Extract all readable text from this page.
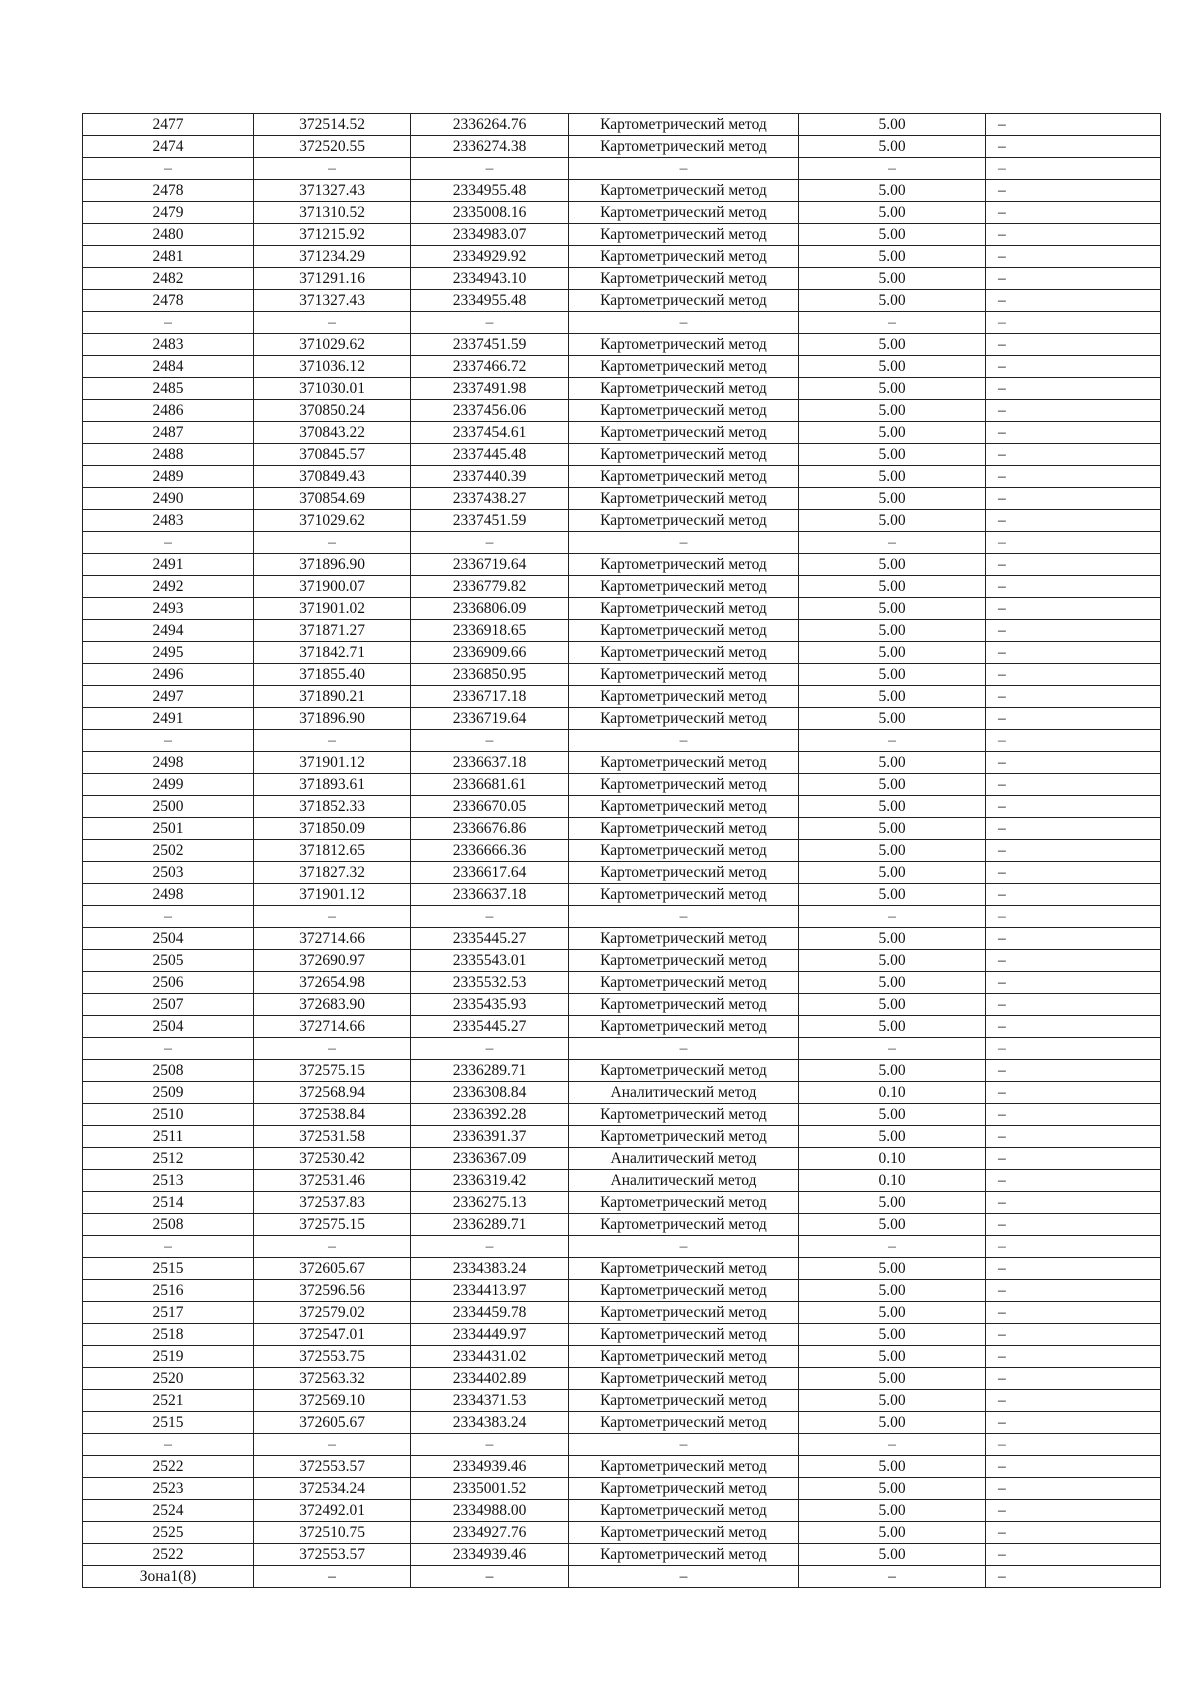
2477	372514.52	2336264.76	Картометрический метод	5.00	–
2474	372520.55	2336274.38	Картометрический метод	5.00	–
–	–	–	–	–	–
2478	371327.43	2334955.48	Картометрический метод	5.00	–
2479	371310.52	2335008.16	Картометрический метод	5.00	–
2480	371215.92	2334983.07	Картометрический метод	5.00	–
2481	371234.29	2334929.92	Картометрический метод	5.00	–
2482	371291.16	2334943.10	Картометрический метод	5.00	–
2478	371327.43	2334955.48	Картометрический метод	5.00	–
–	–	–	–	–	–
2483	371029.62	2337451.59	Картометрический метод	5.00	–
2484	371036.12	2337466.72	Картометрический метод	5.00	–
2485	371030.01	2337491.98	Картометрический метод	5.00	–
2486	370850.24	2337456.06	Картометрический метод	5.00	–
2487	370843.22	2337454.61	Картометрический метод	5.00	–
2488	370845.57	2337445.48	Картометрический метод	5.00	–
2489	370849.43	2337440.39	Картометрический метод	5.00	–
2490	370854.69	2337438.27	Картометрический метод	5.00	–
2483	371029.62	2337451.59	Картометрический метод	5.00	–
–	–	–	–	–	–
2491	371896.90	2336719.64	Картометрический метод	5.00	–
2492	371900.07	2336779.82	Картометрический метод	5.00	–
2493	371901.02	2336806.09	Картометрический метод	5.00	–
2494	371871.27	2336918.65	Картометрический метод	5.00	–
2495	371842.71	2336909.66	Картометрический метод	5.00	–
2496	371855.40	2336850.95	Картометрический метод	5.00	–
2497	371890.21	2336717.18	Картометрический метод	5.00	–
2491	371896.90	2336719.64	Картометрический метод	5.00	–
–	–	–	–	–	–
2498	371901.12	2336637.18	Картометрический метод	5.00	–
2499	371893.61	2336681.61	Картометрический метод	5.00	–
2500	371852.33	2336670.05	Картометрический метод	5.00	–
2501	371850.09	2336676.86	Картометрический метод	5.00	–
2502	371812.65	2336666.36	Картометрический метод	5.00	–
2503	371827.32	2336617.64	Картометрический метод	5.00	–
2498	371901.12	2336637.18	Картометрический метод	5.00	–
–	–	–	–	–	–
2504	372714.66	2335445.27	Картометрический метод	5.00	–
2505	372690.97	2335543.01	Картометрический метод	5.00	–
2506	372654.98	2335532.53	Картометрический метод	5.00	–
2507	372683.90	2335435.93	Картометрический метод	5.00	–
2504	372714.66	2335445.27	Картометрический метод	5.00	–
–	–	–	–	–	–
2508	372575.15	2336289.71	Картометрический метод	5.00	–
2509	372568.94	2336308.84	Аналитический метод	0.10	–
2510	372538.84	2336392.28	Картометрический метод	5.00	–
2511	372531.58	2336391.37	Картометрический метод	5.00	–
2512	372530.42	2336367.09	Аналитический метод	0.10	–
2513	372531.46	2336319.42	Аналитический метод	0.10	–
2514	372537.83	2336275.13	Картометрический метод	5.00	–
2508	372575.15	2336289.71	Картометрический метод	5.00	–
–	–	–	–	–	–
2515	372605.67	2334383.24	Картометрический метод	5.00	–
2516	372596.56	2334413.97	Картометрический метод	5.00	–
2517	372579.02	2334459.78	Картометрический метод	5.00	–
2518	372547.01	2334449.97	Картометрический метод	5.00	–
2519	372553.75	2334431.02	Картометрический метод	5.00	–
2520	372563.32	2334402.89	Картометрический метод	5.00	–
2521	372569.10	2334371.53	Картометрический метод	5.00	–
2515	372605.67	2334383.24	Картометрический метод	5.00	–
–	–	–	–	–	–
2522	372553.57	2334939.46	Картометрический метод	5.00	–
2523	372534.24	2335001.52	Картометрический метод	5.00	–
2524	372492.01	2334988.00	Картометрический метод	5.00	–
2525	372510.75	2334927.76	Картометрический метод	5.00	–
2522	372553.57	2334939.46	Картометрический метод	5.00	–
Зона1(8)	–	–	–	–	–
